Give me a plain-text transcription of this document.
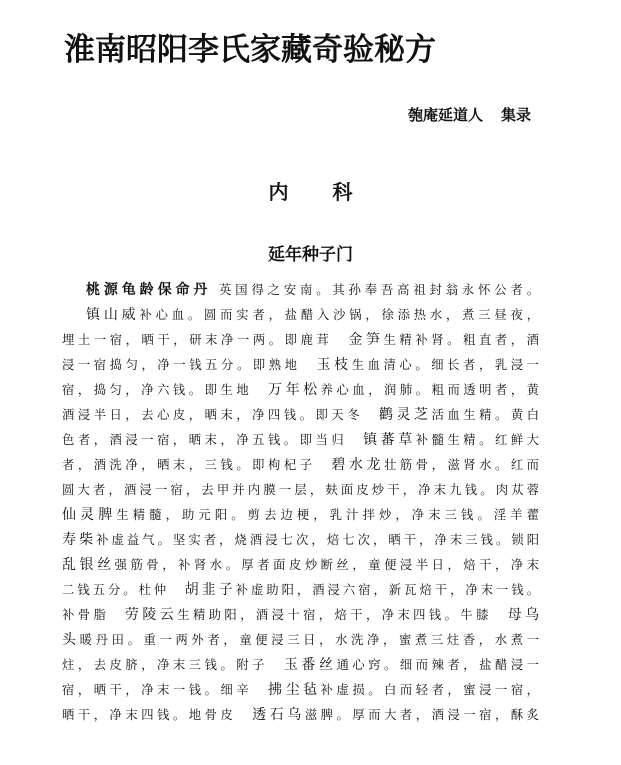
淮南昭阳李氏家藏奇验秘方
匏庵延道人 集录
内 科
延年种子门
桃源龟龄保命丹 英国得之安南。其孙奉吾高祖封翁永怀公者。
镇山威补心血。圆而实者，盐醋入沙锅，徐添热水，煮三昼夜，
埋土一宿，晒干，研末净一两。即鹿茸　金笋生精补肾。粗直者，酒
浸一宿捣匀，净一钱五分。即熟地　玉枝生血清心。细长者，乳浸一
宿，捣匀，净六钱。即生地　万年松养心血，润肺。粗而透明者，黄
酒浸半日，去心皮，晒末，净四钱。即天冬　鹳灵芝活血生精。黄白
色者，酒浸一宿，晒末，净五钱。即当归　镇蕃草补髓生精。红鲜大
者，酒洗净，晒末，三钱。即枸杞子　碧水龙壮筋骨，滋肾水。红而
圆大者，酒浸一宿，去甲并内膜一层，麸面皮炒干，净末九钱。肉苁蓉
仙灵脾生精髓，助元阳。剪去边梗，乳汁拌炒，净末三钱。淫羊藿
寿柴补虚益气。坚实者，烧酒浸七次，焙七次，晒干，净末三钱。锁阳
乱银丝强筋骨，补肾水。厚者面皮炒断丝，童便浸半日，焙干，净末
二钱五分。杜仲　胡韭子补虚助阳，酒浸六宿，新瓦焙干，净末一钱。
补骨脂　劳陵云生精助阳，酒浸十宿，焙干，净末四钱。牛膝　母乌
头暖丹田。重一两外者，童便浸三日，水洗净，蜜煮三炷香，水煮一
炷，去皮脐，净末三钱。附子　玉番丝通心窍。细而辣者，盐醋浸一
宿，晒干，净末一钱。细辛　拂尘毡补虚损。白而轻者，蜜浸一宿，
晒干，净末四钱。地骨皮　透石乌滋脾。厚而大者，酒浸一宿，酥炙
